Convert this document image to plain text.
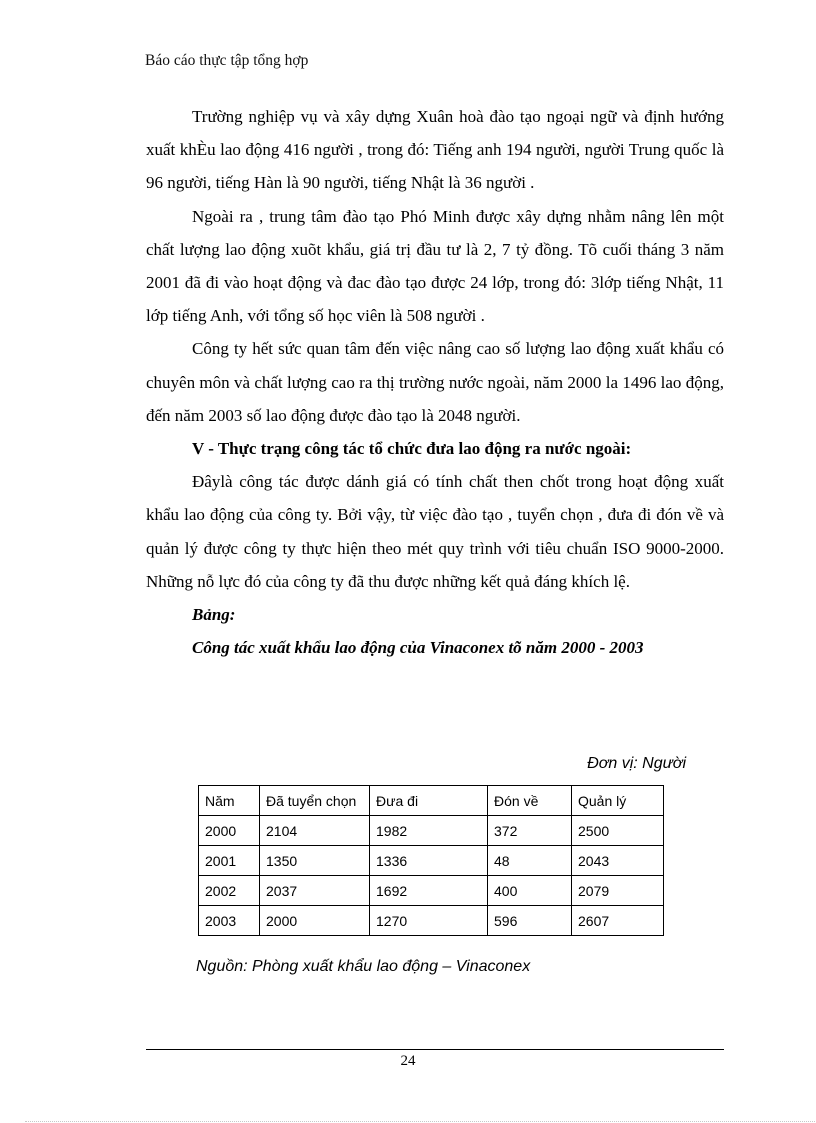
Báo cáo thực tập tổng hợp

Trường nghiệp vụ và xây dựng Xuân hoà đào tạo ngoại ngữ và định hướng xuất khÈu lao động 416 người , trong đó: Tiếng anh 194 người, người Trung quốc là 96 người, tiếng Hàn là 90 người, tiếng Nhật là 36 người .

Ngoài ra , trung tâm đào tạo Phó Minh được xây dựng nhằm nâng lên một chất lượng lao động xuõt khẩu, giá trị đầu tư là 2, 7 tỷ đồng. Tõ cuối tháng 3 năm 2001 đã đi vào hoạt động và đac đào tạo được 24 lớp, trong đó: 3lớp tiếng Nhật, 11 lớp tiếng Anh, với tổng số học viên là 508 người .

Công ty hết sức quan tâm đến việc nâng cao số lượng lao động xuất khẩu có chuyên môn và chất lượng cao ra thị trường nước ngoài, năm 2000 la 1496 lao động, đến năm 2003 số lao động được đào tạo là 2048 người.

V - Thực trạng công tác tổ chức đưa lao động ra nước ngoài:

Đâylà công tác được dánh giá có tính chất then chốt trong hoạt động xuất khẩu lao động của công ty. Bởi vậy, từ việc đào tạo , tuyển chọn , đưa đi đón về và quản lý được công ty thực hiện theo mét quy trình với tiêu chuẩn ISO 9000-2000. Những nỗ lực đó của công ty đã thu được những kết quả đáng khích lệ.

Bảng:

Công tác xuất khẩu lao động của Vinaconex tõ năm 2000 - 2003

Đơn vị: Người
Năm	Đã tuyển chọn	Đưa đi	Đón về	Quản lý
2000	2104	1982	372	2500
2001	1350	1336	48	2043
2002	2037	1692	400	2079
2003	2000	1270	596	2607
Nguồn: Phòng xuất khẩu lao động – Vinaconex
24
